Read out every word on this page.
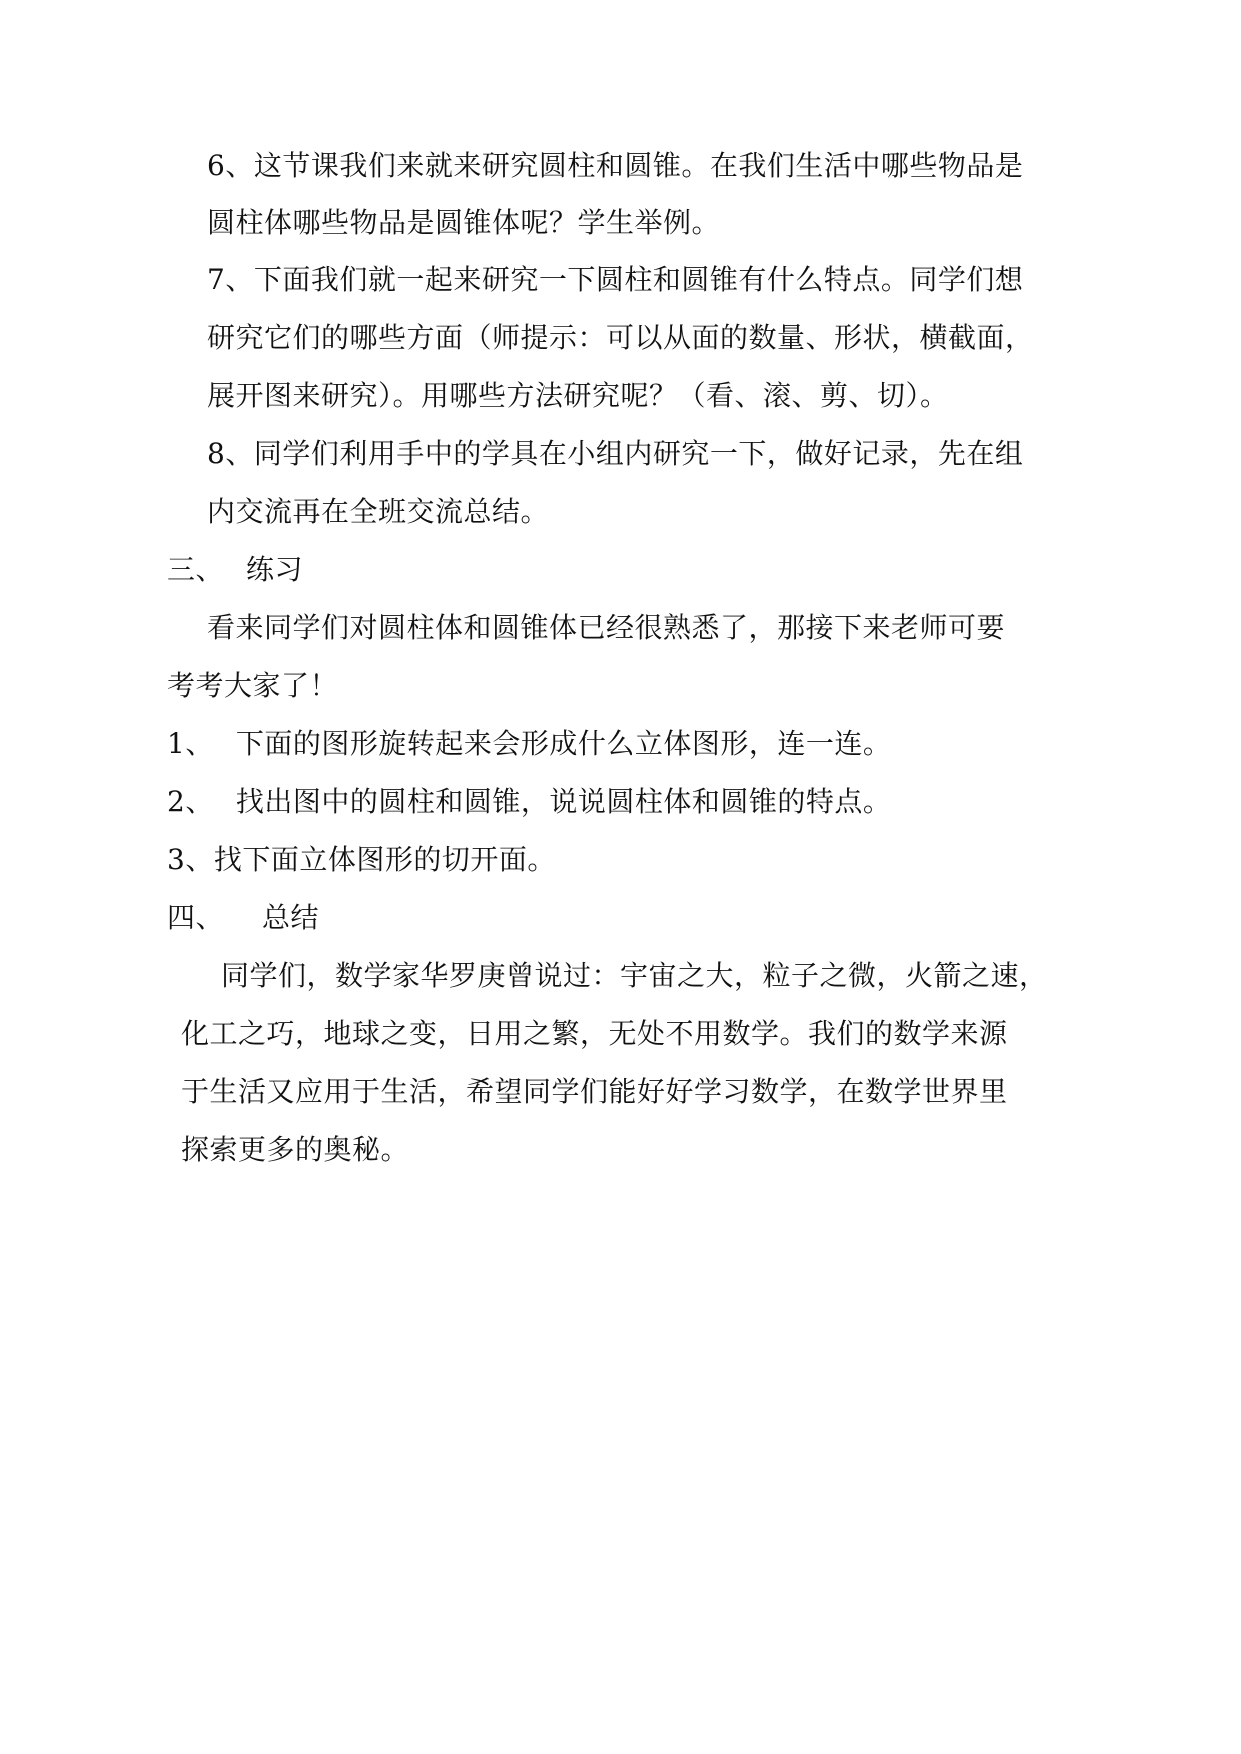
6、这节课我们来就来研究圆柱和圆锥。在我们生活中哪些物品是
圆柱体哪些物品是圆锥体呢？学生举例。
7、下面我们就一起来研究一下圆柱和圆锥有什么特点。同学们想
研究它们的哪些方面（师提示：可以从面的数量、形状，横截面，
展开图来研究）。用哪些方法研究呢？（看、滚、剪、切）。
8、同学们利用手中的学具在小组内研究一下，做好记录，先在组
内交流再在全班交流总结。
三、 练习
看来同学们对圆柱体和圆锥体已经很熟悉了，那接下来老师可要
考考大家了！
1、 下面的图形旋转起来会形成什么立体图形，连一连。
2、 找出图中的圆柱和圆锥，说说圆柱体和圆锥的特点。
3、找下面立体图形的切开面。
四、 总结
同学们，数学家华罗庚曾说过：宇宙之大，粒子之微，火箭之速，
化工之巧，地球之变，日用之繁，无处不用数学。我们的数学来源
于生活又应用于生活，希望同学们能好好学习数学，在数学世界里
探索更多的奥秘。
